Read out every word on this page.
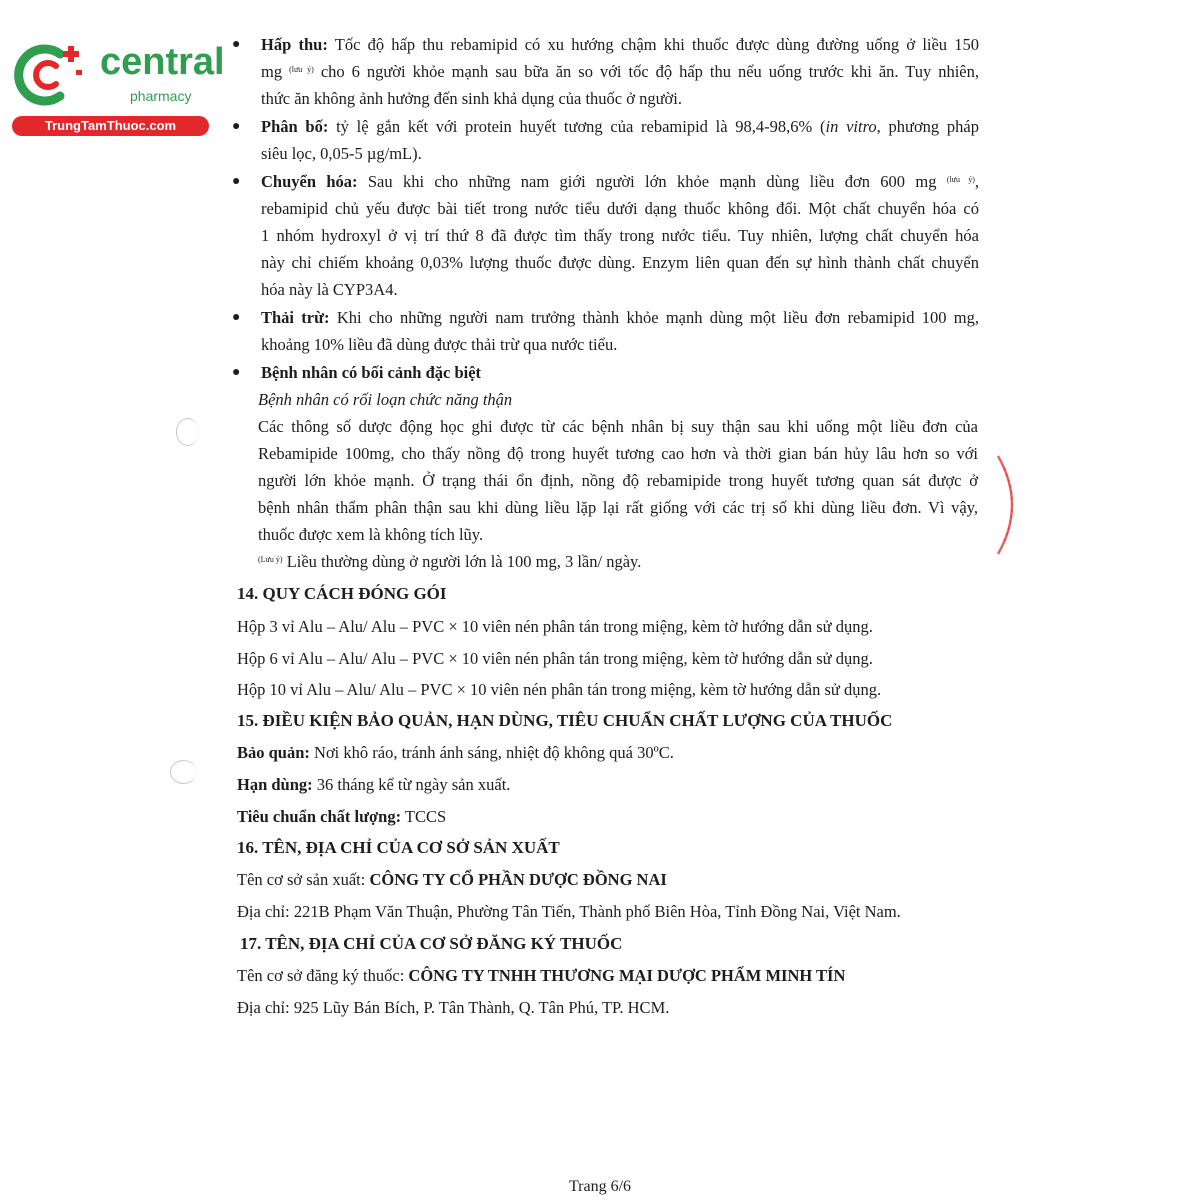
central
pharmacy
TrungTamThuoc.com
● Hấp thu: Tốc độ hấp thu rebamipid có xu hướng chậm khi thuốc được dùng đường uống ở liều 150
mg $^{(lưu ý)}$ cho 6 người khỏe mạnh sau bữa ăn so với tốc độ hấp thu nếu uống trước khi ăn. Tuy nhiên,
thức ăn không ảnh hưởng đến sinh khả dụng của thuốc ở người.
● Phân bố: tỷ lệ gắn kết với protein huyết tương của rebamipid là 98,4-98,6% (in vitro, phương pháp
siêu lọc, 0,05-5 µg/mL).
● Chuyển hóa: Sau khi cho những nam giới người lớn khỏe mạnh dùng liều đơn 600 mg $^{(lưu ý)}$,
rebamipid chủ yếu được bài tiết trong nước tiểu dưới dạng thuốc không đổi. Một chất chuyển hóa có
1 nhóm hydroxyl ở vị trí thứ 8 đã được tìm thấy trong nước tiểu. Tuy nhiên, lượng chất chuyển hóa
này chỉ chiếm khoảng 0,03% lượng thuốc được dùng. Enzym liên quan đến sự hình thành chất chuyển
hóa này là CYP3A4.
● Thải trừ: Khi cho những người nam trưởng thành khỏe mạnh dùng một liều đơn rebamipid 100 mg,
khoảng 10% liều đã dùng được thải trừ qua nước tiểu.
● Bệnh nhân có bối cảnh đặc biệt
Bệnh nhân có rối loạn chức năng thận
Các thông số dược động học ghi được từ các bệnh nhân bị suy thận sau khi uống một liều đơn của
Rebamipide 100mg, cho thấy nồng độ trong huyết tương cao hơn và thời gian bán hủy lâu hơn so với
người lớn khỏe mạnh. Ở trạng thái ổn định, nồng độ rebamipide trong huyết tương quan sát được ở
bệnh nhân thẩm phân thận sau khi dùng liều lặp lại rất giống với các trị số khi dùng liều đơn. Vì vậy,
thuốc được xem là không tích lũy.
$^{(Lưu ý)}$ Liều thường dùng ở người lớn là 100 mg, 3 lần/ ngày.
14. QUY CÁCH ĐÓNG GÓI
Hộp 3 vỉ Alu – Alu/ Alu – PVC × 10 viên nén phân tán trong miệng, kèm tờ hướng dẫn sử dụng.
Hộp 6 vỉ Alu – Alu/ Alu – PVC × 10 viên nén phân tán trong miệng, kèm tờ hướng dẫn sử dụng.
Hộp 10 vỉ Alu – Alu/ Alu – PVC × 10 viên nén phân tán trong miệng, kèm tờ hướng dẫn sử dụng.
15. ĐIỀU KIỆN BẢO QUẢN, HẠN DÙNG, TIÊU CHUẨN CHẤT LƯỢNG CỦA THUỐC
Bảo quản: Nơi khô ráo, tránh ánh sáng, nhiệt độ không quá 30ºC.
Hạn dùng: 36 tháng kể từ ngày sản xuất.
Tiêu chuẩn chất lượng: TCCS
16. TÊN, ĐỊA CHỈ CỦA CƠ SỞ SẢN XUẤT
Tên cơ sở sản xuất: CÔNG TY CỔ PHẦN DƯỢC ĐỒNG NAI
Địa chỉ: 221B Phạm Văn Thuận, Phường Tân Tiến, Thành phố Biên Hòa, Tỉnh Đồng Nai, Việt Nam.
17. TÊN, ĐỊA CHỈ CỦA CƠ SỞ ĐĂNG KÝ THUỐC
Tên cơ sở đăng ký thuốc: CÔNG TY TNHH THƯƠNG MẠI DƯỢC PHẨM MINH TÍN
Địa chỉ: 925 Lũy Bán Bích, P. Tân Thành, Q. Tân Phú, TP. HCM.
Trang 6/6
